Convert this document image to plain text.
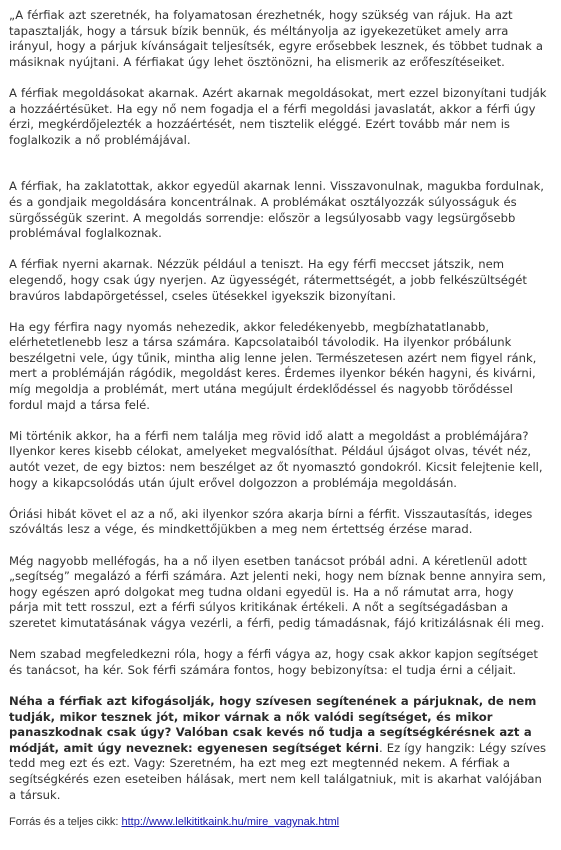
„A férfiak azt szeretnék, ha folyamatosan érezhetnék, hogy szükség van rájuk. Ha azt tapasztalják, hogy a társuk bízik bennük, és méltányolja az igyekezetüket amely arra irányul, hogy a párjuk kívánságait teljesítsék, egyre erősebbek lesznek, és többet tudnak a másiknak nyújtani. A férfiakat úgy lehet ösztönözni, ha elismerik az erőfeszítéseiket.

A férfiak megoldásokat akarnak. Azért akarnak megoldásokat, mert ezzel bizonyítani tudják a hozzáértésüket. Ha egy nő nem fogadja el a férfi megoldási javaslatát, akkor a férfi úgy érzi, megkérdőjelezték a hozzáértését, nem tisztelik eléggé. Ezért tovább már nem is foglalkozik a nő problémájával.

A férfiak, ha zaklatottak, akkor egyedül akarnak lenni. Visszavonulnak, magukba fordulnak, és a gondjaik megoldására koncentrálnak. A problémákat osztályozzák súlyosságuk és sürgősségük szerint. A megoldás sorrendje: először a legsúlyosabb vagy legsürgősebb problémával foglalkoznak.

A férfiak nyerni akarnak. Nézzük például a teniszt. Ha egy férfi meccset játszik, nem elegendő, hogy csak úgy nyerjen. Az ügyességét, rátermettségét, a jobb felkészültségét bravúros labdapörgetéssel, cseles ütésekkel igyekszik bizonyítani.

Ha egy férfira nagy nyomás nehezedik, akkor feledékenyebb, megbízhatatlanabb, elérhetetlenebb lesz a társa számára. Kapcsolataiból távolodik. Ha ilyenkor próbálunk beszélgetni vele, úgy tűnik, mintha alig lenne jelen. Természetesen azért nem figyel ránk, mert a problémáján rágódik, megoldást keres. Érdemes ilyenkor békén hagyni, és kivárni, míg megoldja a problémát, mert utána megújult érdeklődéssel és nagyobb törődéssel fordul majd a társa felé.

Mi történik akkor, ha a férfi nem találja meg rövid idő alatt a megoldást a problémájára? Ilyenkor keres kisebb célokat, amelyeket megvalósíthat. Például újságot olvas, tévét néz, autót vezet, de egy biztos: nem beszélget az őt nyomasztó gondokról. Kicsit felejtenie kell, hogy a kikapcsolódás után újult erővel dolgozzon a problémája megoldásán.

Óriási hibát követ el az a nő, aki ilyenkor szóra akarja bírni a férfit. Visszautasítás, ideges szóváltás lesz a vége, és mindkettőjükben a meg nem értettség érzése marad.

Még nagyobb melléfogás, ha a nő ilyen esetben tanácsot próbál adni. A kéretlenül adott „segítség” megalázó a férfi számára. Azt jelenti neki, hogy nem bíznak benne annyira sem, hogy egészen apró dolgokat meg tudna oldani egyedül is. Ha a nő rámutat arra, hogy párja mit tett rosszul, ezt a férfi súlyos kritikának értékeli. A nőt a segítségadásban a szeretet kimutatásának vágya vezérli, a férfi, pedig támadásnak, fájó kritizálásnak éli meg.

Nem szabad megfeledkezni róla, hogy a férfi vágya az, hogy csak akkor kapjon segítséget és tanácsot, ha kér. Sok férfi számára fontos, hogy bebizonyítsa: el tudja érni a céljait.

Néha a férfiak azt kifogásolják, hogy szívesen segítenének a párjuknak, de nem tudják, mikor tesznek jót, mikor várnak a nők valódi segítséget, és mikor panaszkodnak csak úgy? Valóban csak kevés nő tudja a segítségkérésnek azt a módját, amit úgy neveznek: egyenesen segítséget kérni. Ez így hangzik: Légy szíves tedd meg ezt és ezt. Vagy: Szeretném, ha ezt meg ezt megtennéd nekem. A férfiak a segítségkérés ezen eseteiben hálásak, mert nem kell találgatniuk, mit is akarhat valójában a társuk.

Forrás és a teljes cikk: http://www.lelkititkaink.hu/mire_vagynak.html
